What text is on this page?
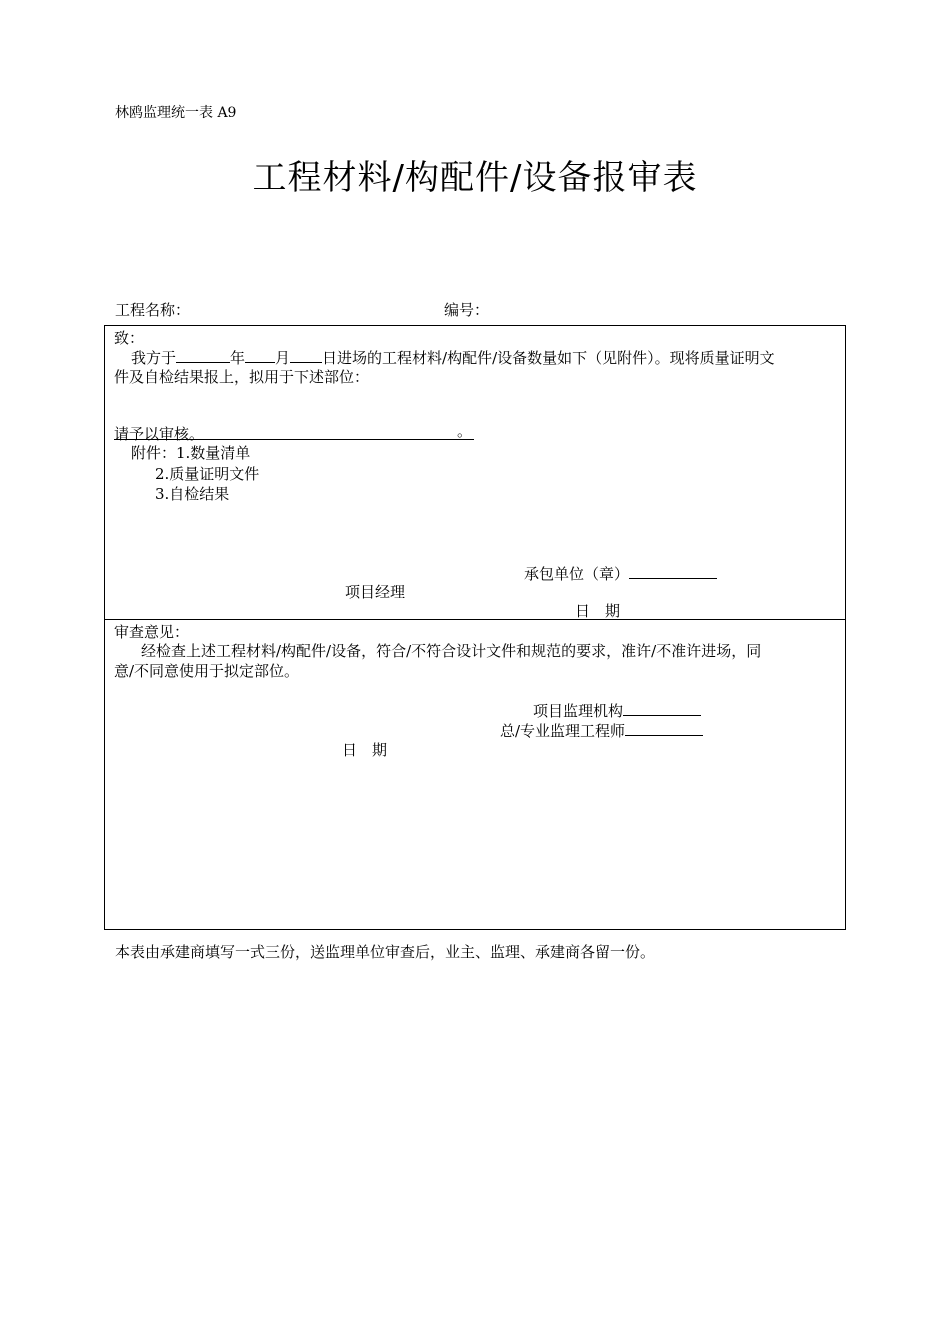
林鸥监理统一表 A9
工程材料/构配件/设备报审表
工程名称：	编号：
致：
我方于	年 月 日进场的工程材料/构配件/设备数量如下（见附件）。现将质量证明文
件及自检结果报上，拟用于下述部位：
。
请予以审核。
附件：1.数量清单
2.质量证明文件
3.自检结果
承包单位（章）
项目经理
日　期
审查意见：
经检查上述工程材料/构配件/设备，符合/不符合设计文件和规范的要求，准许/不准许进场，同
意/不同意使用于拟定部位。
项目监理机构
总/专业监理工程师
日　期
本表由承建商填写一式三份，送监理单位审查后，业主、监理、承建商各留一份。
